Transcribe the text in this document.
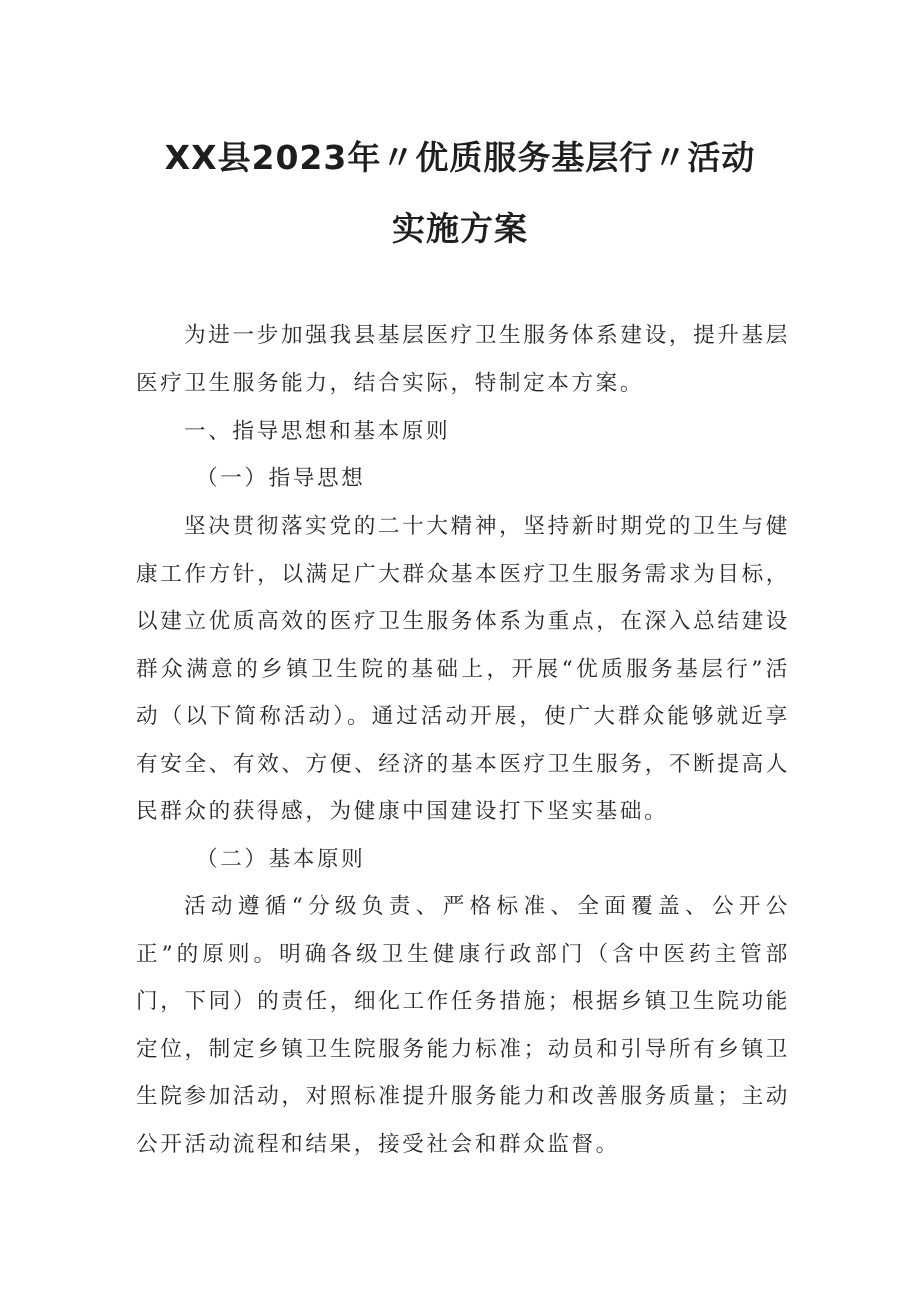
XX县2023年〃优质服务基层行〃活动
实施方案

为进一步加强我县基层医疗卫生服务体系建设，提升基层医疗卫生服务能力，结合实际，特制定本方案。

一、指导思想和基本原则

（一）指导思想

坚决贯彻落实党的二十大精神，坚持新时期党的卫生与健康工作方针，以满足广大群众基本医疗卫生服务需求为目标，以建立优质高效的医疗卫生服务体系为重点，在深入总结建设群众满意的乡镇卫生院的基础上，开展“优质服务基层行”活动（以下简称活动）。通过活动开展，使广大群众能够就近享有安全、有效、方便、经济的基本医疗卫生服务，不断提高人民群众的获得感，为健康中国建设打下坚实基础。

（二）基本原则

活动遵循“分级负责、严格标准、全面覆盖、公开公正”的原则。明确各级卫生健康行政部门（含中医药主管部门，下同）的责任，细化工作任务措施；根据乡镇卫生院功能定位，制定乡镇卫生院服务能力标准；动员和引导所有乡镇卫生院参加活动，对照标准提升服务能力和改善服务质量；主动公开活动流程和结果，接受社会和群众监督。
